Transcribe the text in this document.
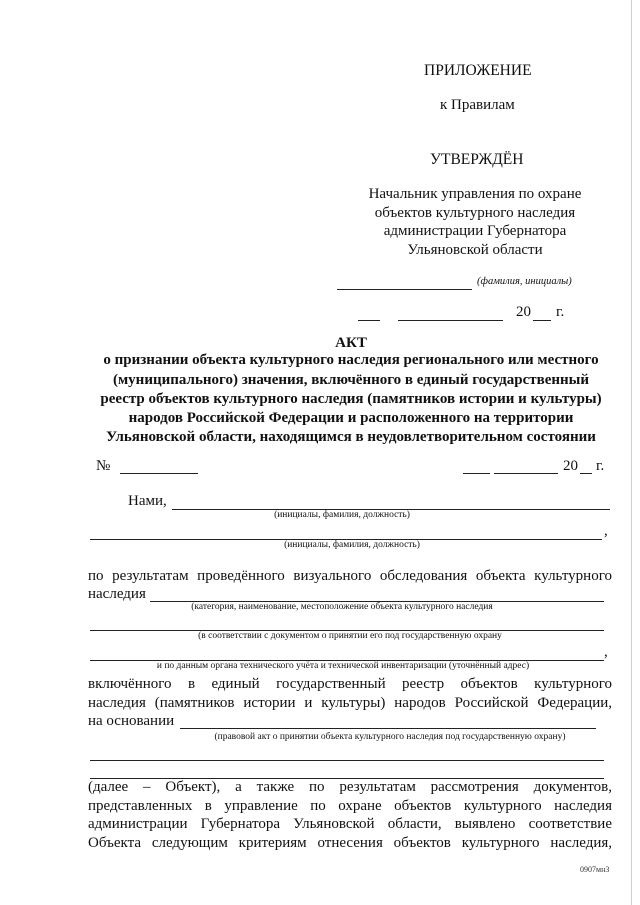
ПРИЛОЖЕНИЕ
к Правилам
УТВЕРЖДЁН
Начальник управления по охране
объектов культурного наследия
администрации Губернатора
Ульяновской области
(фамилия, инициалы)
20 г.
АКТ
о признании объекта культурного наследия регионального или местного
(муниципального) значения, включённого в единый государственный
реестр объектов культурного наследия (памятников истории и культуры)
народов Российской Федерации и расположенного на территории
Ульяновской области, находящимся в неудовлетворительном состоянии
№	20 г.
Нами,
(инициалы, фамилия, должность)
,
(инициалы, фамилия, должность)
по результатам проведённого визуального обследования объекта культурного
наследия
(категория, наименование, местоположение объекта культурного наследия
(в соответствии с документом о принятии его под государственную охрану
,
и по данным органа технического учёта и технической инвентаризации (уточнённый адрес)
включённого в единый государственный реестр объектов культурного
наследия (памятников истории и культуры) народов Российской Федерации,
на основании
(правовой акт о принятии объекта культурного наследия под государственную охрану)
(далее – Объект), а также по результатам рассмотрения документов,
представленных в управление по охране объектов культурного наследия
администрации Губернатора Ульяновской области, выявлено соответствие
Объекта следующим критериям отнесения объектов культурного наследия,
0907мн3
